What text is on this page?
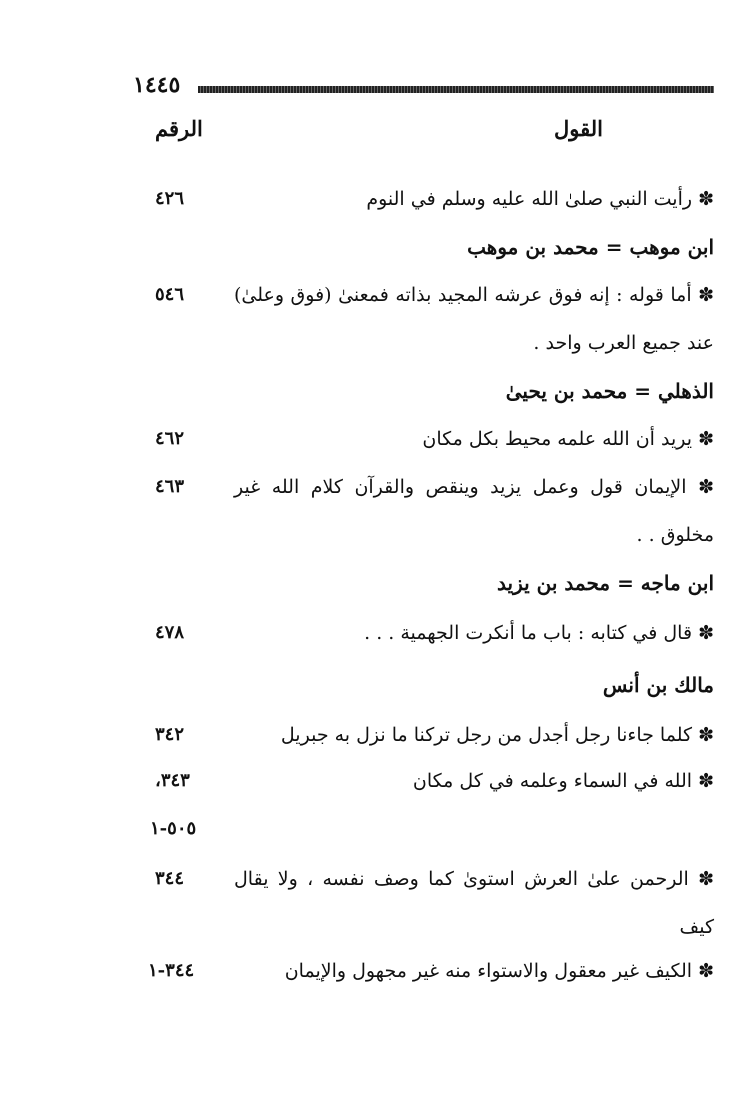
١٤٤٥
القول
الرقم
✽ رأيت النبي صلىٰ الله عليه وسلم في النوم
٤٢٦
ابن موهب = محمد بن موهب
✽ أما قوله : إنه فوق عرشه المجيد بذاته فمعنىٰ (فوق وعلىٰ) عند جميع العرب واحد .
٥٤٦
الذهلي = محمد بن يحيىٰ
✽ يريد أن الله علمه محيط بكل مكان
٤٦٢
✽ الإيمان قول وعمل يزيد وينقص والقرآن كلام الله غير مخلوق . .
٤٦٣
ابن ماجه = محمد بن يزيد
✽ قال في كتابه : باب ما أنكرت الجهمية . . .
٤٧٨
مالك بن أنس
✽ كلما جاءنا رجل أجدل من رجل تركنا ما نزل به جبريل
٣٤٢
✽ الله في السماء وعلمه في كل مكان
٣٤٣،
٥٠٥-١
✽ الرحمن علىٰ العرش استوىٰ كما وصف نفسه ، ولا يقال كيف
٣٤٤
✽ الكيف غير معقول والاستواء منه غير مجهول والإيمان
٣٤٤-١
